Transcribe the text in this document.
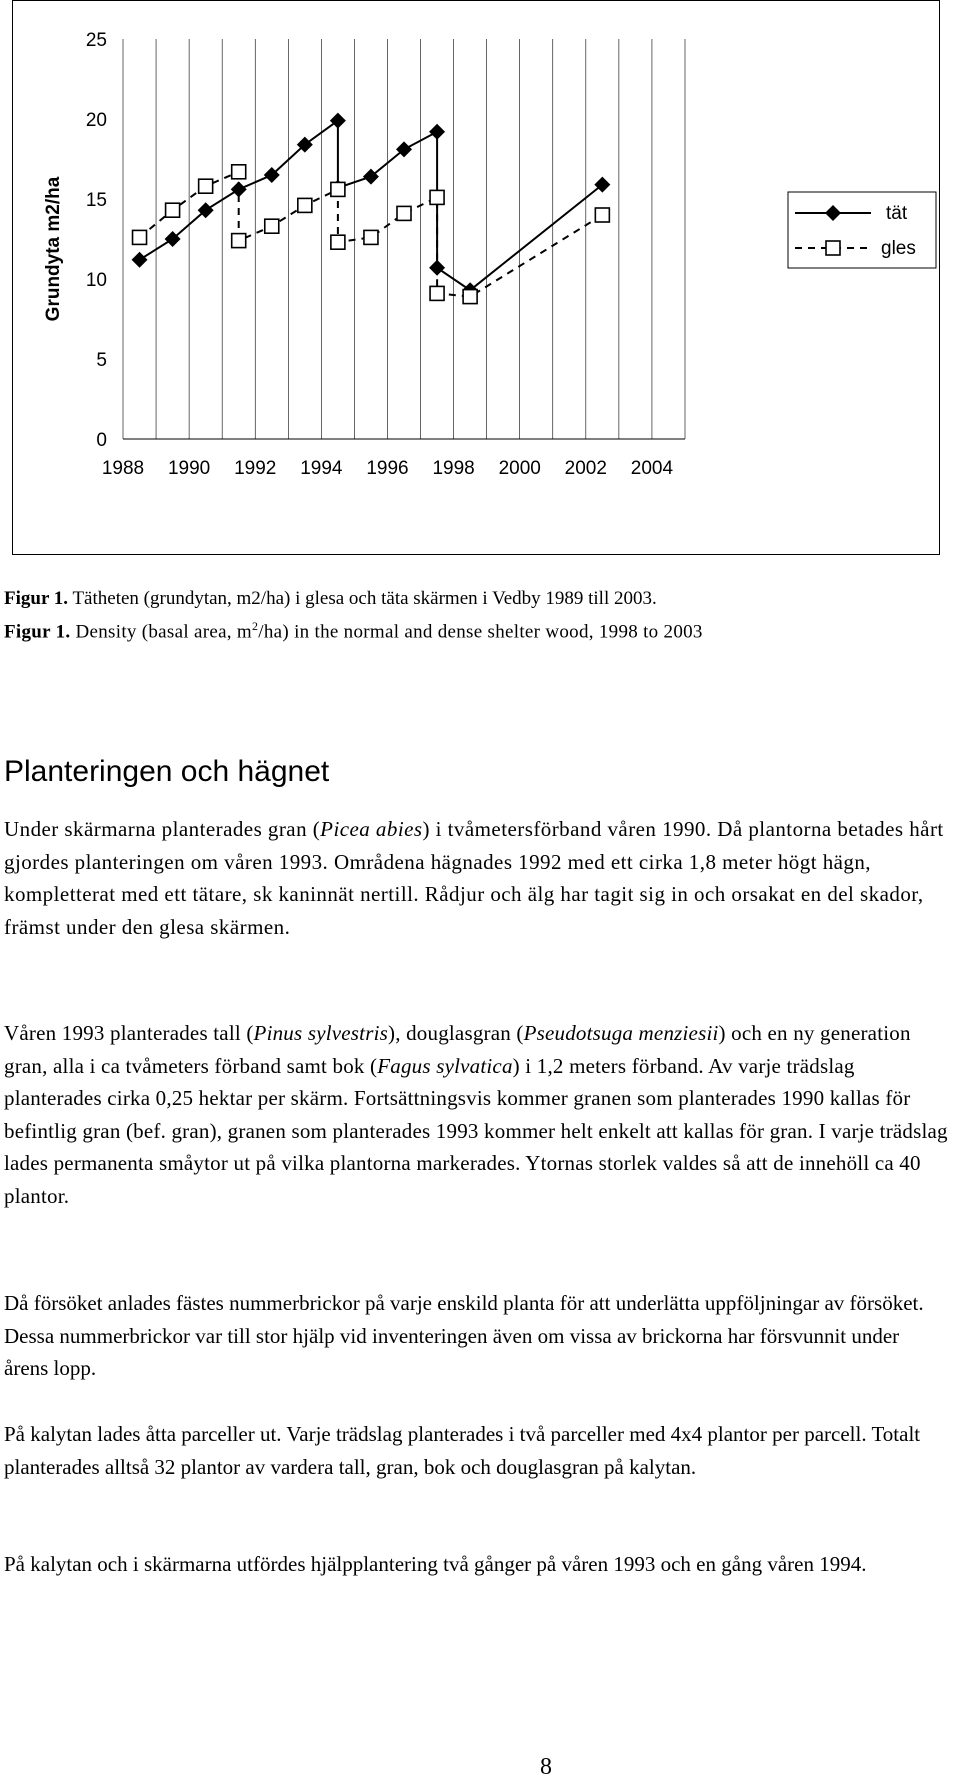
Grundyta m2/ha
0
5
10
15
20
25
1988 1990 1992 1994 1996 1998 2000 2002 2004
tät
gles
Figur 1. Tätheten (grundytan, m2/ha) i glesa och täta skärmen i Vedby 1989 till 2003.
Figur 1. Density (basal area, $m^2/ha$) in the normal and dense shelter wood, 1998 to 2003
Planteringen och hägnet

Under skärmarna planterades gran (Picea abies) i tvåmetersförband våren 1990. Då plantorna betades hårt gjordes planteringen om våren 1993. Områdena hägnades 1992 med ett cirka 1,8 meter högt hägn, kompletterat med ett tätare, sk kaninnät nertill. Rådjur och älg har tagit sig in och orsakat en del skador, främst under den glesa skärmen.

Våren 1993 planterades tall (Pinus sylvestris), douglasgran (Pseudotsuga menziesii) och en ny generation gran, alla i ca tvåmeters förband samt bok (Fagus sylvatica) i 1,2 meters förband. Av varje trädslag planterades cirka 0,25 hektar per skärm. Fortsättningsvis kommer granen som planterades 1990 kallas för befintlig gran (bef. gran), granen som planterades 1993 kommer helt enkelt att kallas för gran. I varje trädslag lades permanenta småytor ut på vilka plantorna markerades. Ytornas storlek valdes så att de innehöll ca 40 plantor.

Då försöket anlades fästes nummerbrickor på varje enskild planta för att underlätta uppföljningar av försöket. Dessa nummerbrickor var till stor hjälp vid inventeringen även om vissa av brickorna har försvunnit under årens lopp.

På kalytan lades åtta parceller ut. Varje trädslag planterades i två parceller med 4x4 plantor per parcell. Totalt planterades alltså 32 plantor av vardera tall, gran, bok och douglasgran på kalytan.

På kalytan och i skärmarna utfördes hjälpplantering två gånger på våren 1993 och en gång våren 1994.

8
